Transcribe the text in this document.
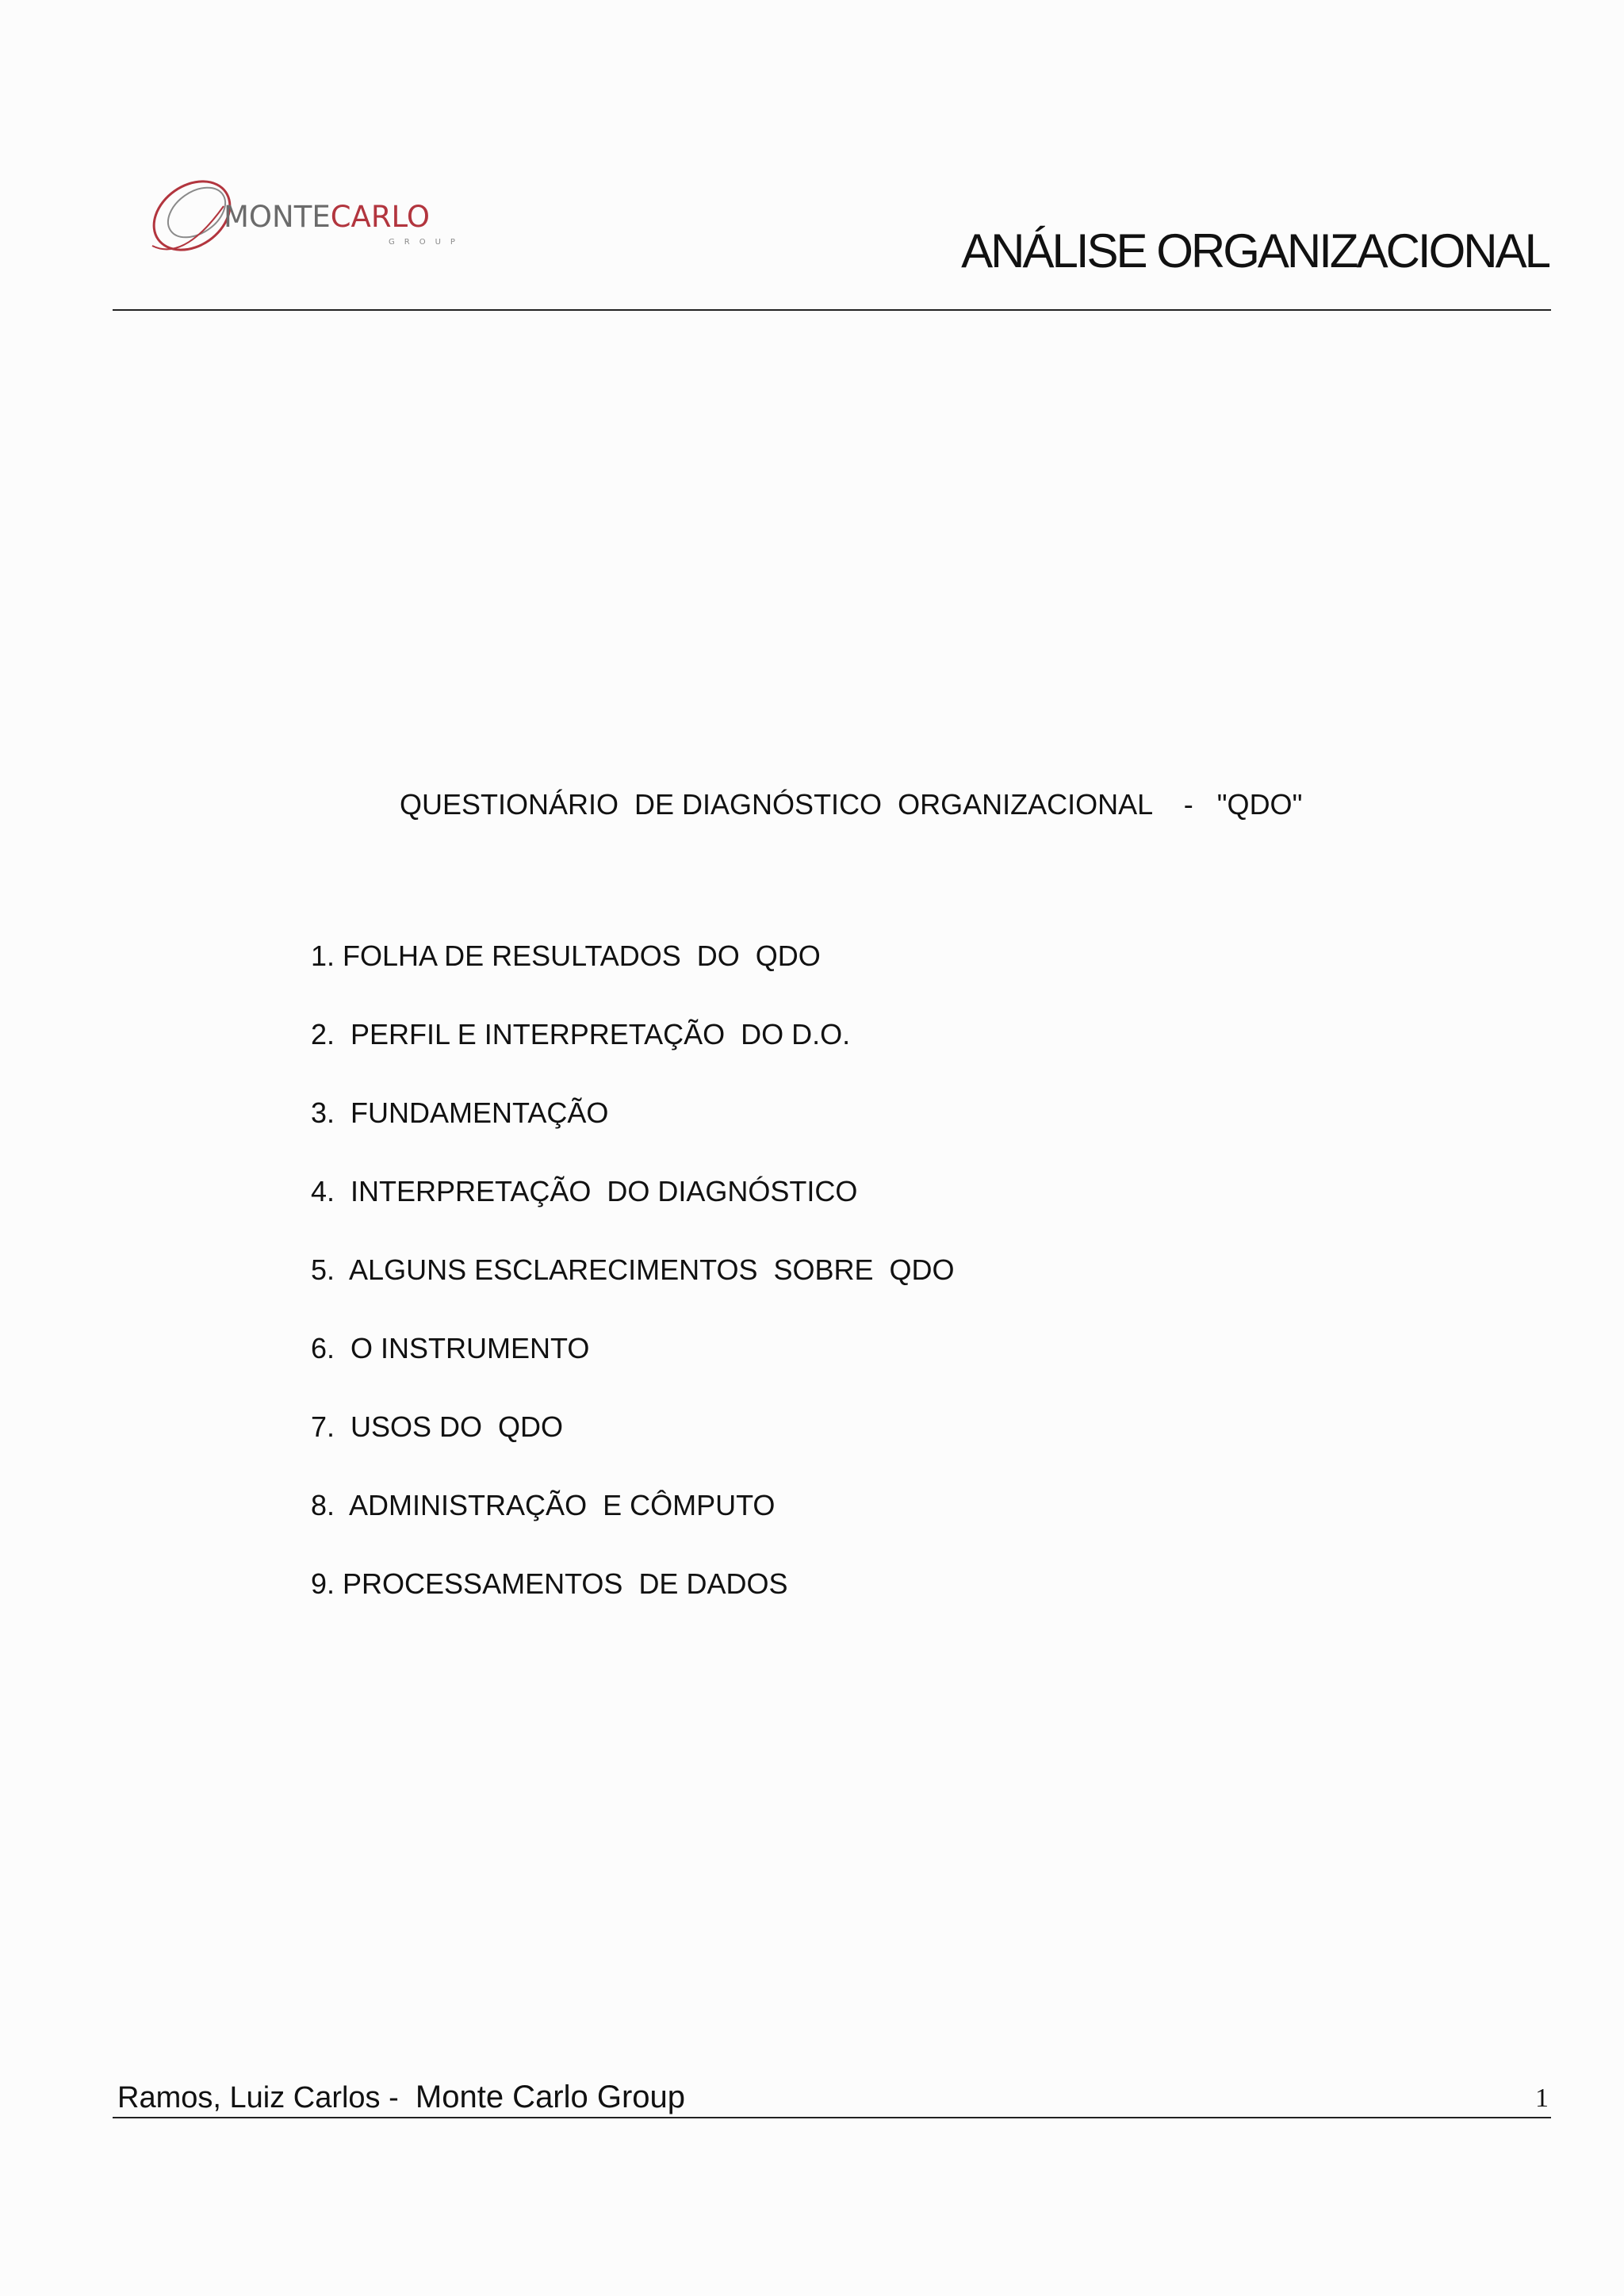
MONTECARLO
GROUP	ANÁLISE ORGANIZACIONAL
QUESTIONÁRIO  DE DIAGNÓSTICO  ORGANIZACIONAL    -   "QDO"
1. FOLHA DE RESULTADOS  DO  QDO
2.  PERFIL E INTERPRETAÇÃO  DO D.O.
3.  FUNDAMENTAÇÃO
4.  INTERPRETAÇÃO  DO DIAGNÓSTICO
5.  ALGUNS ESCLARECIMENTOS  SOBRE  QDO
6.  O INSTRUMENTO
7.  USOS DO  QDO
8.  ADMINISTRAÇÃO  E CÔMPUTO
9. PROCESSAMENTOS  DE DADOS
Ramos, Luiz Carlos -  Monte Carlo Group	1
